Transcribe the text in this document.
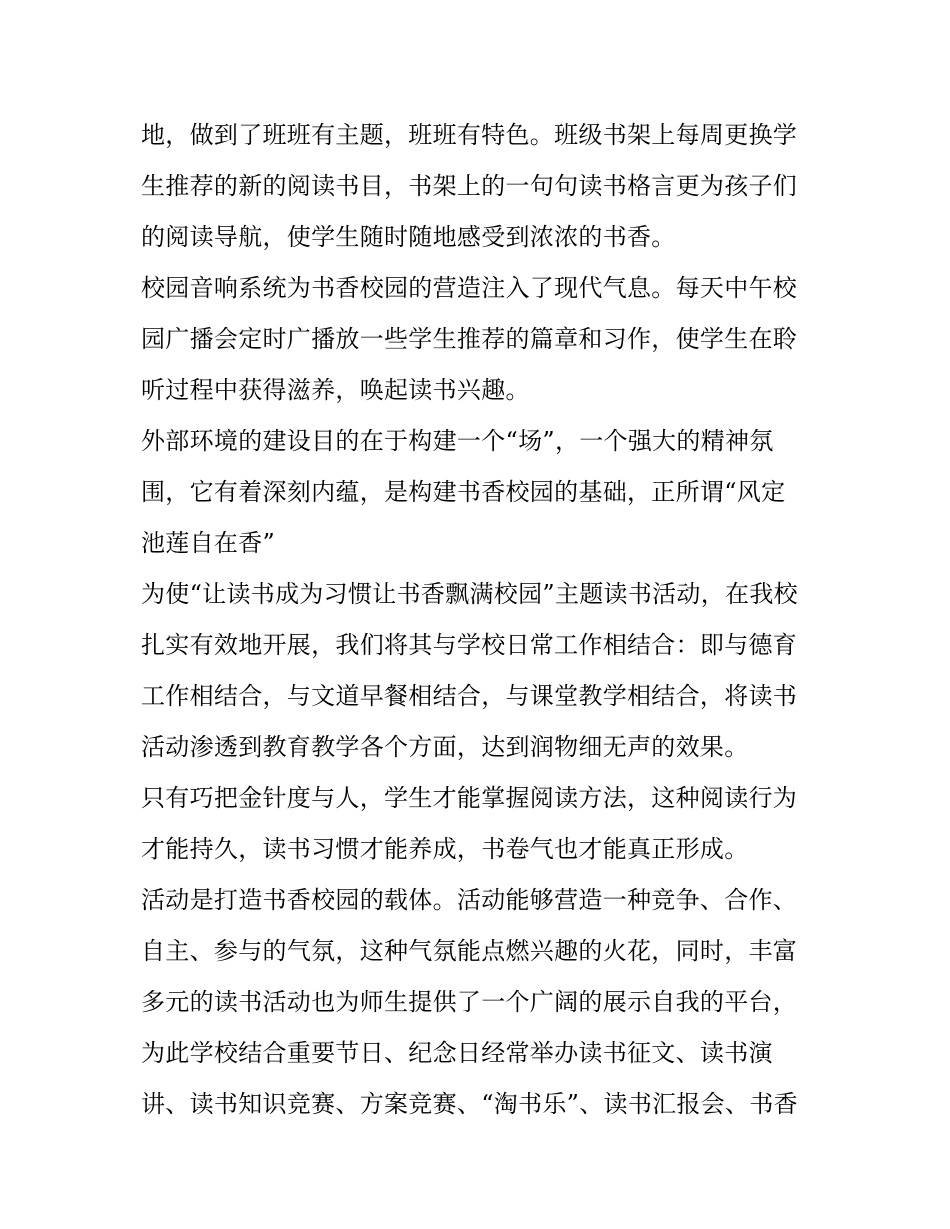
地，做到了班班有主题，班班有特色。班级书架上每周更换学
生推荐的新的阅读书目，书架上的一句句读书格言更为孩子们
的阅读导航，使学生随时随地感受到浓浓的书香。
校园音响系统为书香校园的营造注入了现代气息。每天中午校
园广播会定时广播放一些学生推荐的篇章和习作，使学生在聆
听过程中获得滋养，唤起读书兴趣。
外部环境的建设目的在于构建一个“场”，一个强大的精神氛
围，它有着深刻内蕴，是构建书香校园的基础，正所谓“风定
池莲自在香”
为使“让读书成为习惯让书香飘满校园”主题读书活动，在我校
扎实有效地开展，我们将其与学校日常工作相结合：即与德育
工作相结合，与文道早餐相结合，与课堂教学相结合，将读书
活动渗透到教育教学各个方面，达到润物细无声的效果。
只有巧把金针度与人，学生才能掌握阅读方法，这种阅读行为
才能持久，读书习惯才能养成，书卷气也才能真正形成。
活动是打造书香校园的载体。活动能够营造一种竞争、合作、
自主、参与的气氛，这种气氛能点燃兴趣的火花，同时，丰富
多元的读书活动也为师生提供了一个广阔的展示自我的平台，
为此学校结合重要节日、纪念日经常举办读书征文、读书演
讲、读书知识竞赛、方案竞赛、“淘书乐”、读书汇报会、书香
